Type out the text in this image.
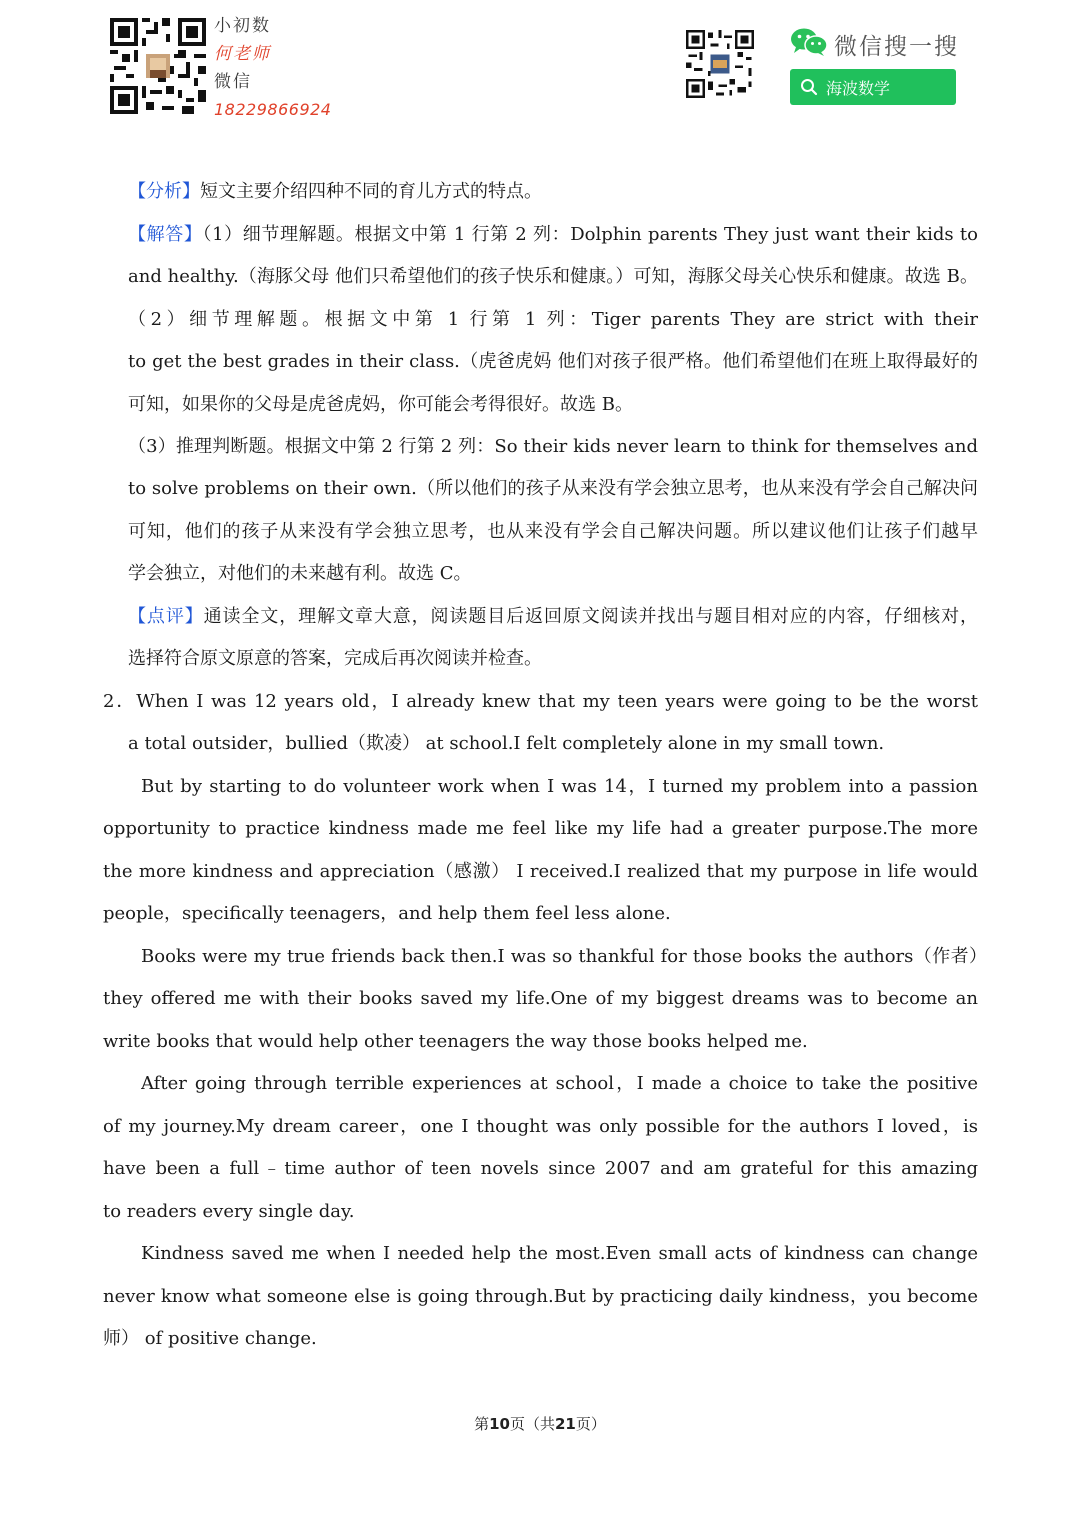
小初数
何老师
微信
18229866924
微信搜一搜
海波数学
【分析】短文主要介绍四种不同的育儿方式的特点。
【解答】（1）细节理解题。根据文中第 1 行第 2 列：Dolphin parents They just want their kids to
and healthy.（海豚父母 他们只希望他们的孩子快乐和健康。）可知，海豚父母关心快乐和健康。故选 B。
（2）细节理解题。根据文中第 1 行第 1 列：Tiger parents They are strict with their
to get the best grades in their class.（虎爸虎妈 他们对孩子很严格。他们希望他们在班上取得最好的
可知，如果你的父母是虎爸虎妈，你可能会考得很好。故选 B。
（3）推理判断题。根据文中第 2 行第 2 列：So their kids never learn to think for themselves and
to solve problems on their own.（所以他们的孩子从来没有学会独立思考，也从来没有学会自己解决问
可知，他们的孩子从来没有学会独立思考，也从来没有学会自己解决问题。所以建议他们让孩子们越早
学会独立，对他们的未来越有利。故选 C。
【点评】通读全文，理解文章大意，阅读题目后返回原文阅读并找出与题目相对应的内容，仔细核对，
选择符合原文原意的答案，完成后再次阅读并检查。
2．When I was 12 years old，I already knew that my teen years were going to be the worst
a total outsider，bullied（欺凌） at school.I felt completely alone in my small town.
But by starting to do volunteer work when I was 14，I turned my problem into a passion
opportunity to practice kindness made me feel like my life had a greater purpose.The more
the more kindness and appreciation（感激） I received.I realized that my purpose in life would
people，specifically teenagers，and help them feel less alone.
Books were my true friends back then.I was so thankful for those books the authors（作者）
they offered me with their books saved my life.One of my biggest dreams was to become an
write books that would help other teenagers the way those books helped me.
After going through terrible experiences at school，I made a choice to take the positive
of my journey.My dream career，one I thought was only possible for the authors I loved，is
have been a full﹣time author of teen novels since 2007 and am grateful for this amazing
to readers every single day.
Kindness saved me when I needed help the most.Even small acts of kindness can change
never know what someone else is going through.But by practicing daily kindness，you become
师） of positive change.
第10页（共21页）
